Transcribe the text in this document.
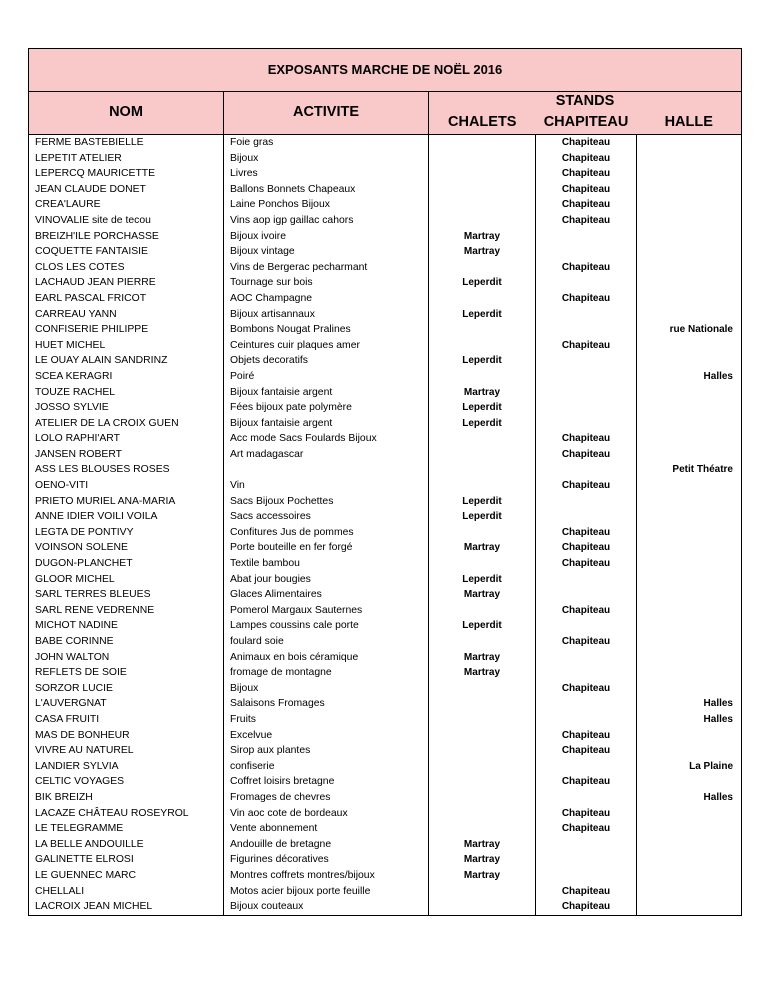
EXPOSANTS MARCHE DE NOËL 2016				
NOM	ACTIVITE	STANDS		
		CHALETS	CHAPITEAU	HALLE
FERME BASTEBIELLE	Foie gras		Chapiteau	
LEPETIT ATELIER	Bijoux		Chapiteau	
LEPERCQ MAURICETTE	Livres		Chapiteau	
JEAN CLAUDE DONET	Ballons Bonnets Chapeaux		Chapiteau	
CREA'LAURE	Laine Ponchos Bijoux		Chapiteau	
VINOVALIE site de tecou	Vins aop igp gaillac cahors		Chapiteau	
BREIZH'ILE PORCHASSE	Bijoux ivoire	Martray		
COQUETTE FANTAISIE	Bijoux vintage	Martray		
CLOS LES COTES	Vins de Bergerac pecharmant		Chapiteau	
LACHAUD JEAN PIERRE	Tournage sur bois	Leperdit		
EARL PASCAL FRICOT	AOC Champagne		Chapiteau	
CARREAU YANN	Bijoux artisannaux	Leperdit		
CONFISERIE PHILIPPE	Bombons Nougat Pralines			rue Nationale
HUET MICHEL	Ceintures cuir plaques amer		Chapiteau	
LE OUAY ALAIN SANDRINZ	Objets decoratifs	Leperdit		
SCEA KERAGRI	Poiré			Halles
TOUZE RACHEL	Bijoux fantaisie argent	Martray		
JOSSO SYLVIE	Fées bijoux pate polymère	Leperdit		
ATELIER DE LA CROIX GUEN	Bijoux fantaisie argent	Leperdit		
LOLO RAPHI'ART	Acc mode Sacs Foulards Bijoux		Chapiteau	
JANSEN ROBERT	Art madagascar		Chapiteau	
ASS LES BLOUSES ROSES				Petit Théatre
OENO-VITI	Vin		Chapiteau	
PRIETO MURIEL ANA-MARIA	Sacs Bijoux Pochettes	Leperdit		
ANNE IDIER VOILI VOILA	Sacs accessoires	Leperdit		
LEGTA DE PONTIVY	Confitures Jus de pommes		Chapiteau	
VOINSON SOLENE	Porte bouteille en fer forgé	Martray	Chapiteau	
DUGON-PLANCHET	Textile bambou		Chapiteau	
GLOOR MICHEL	Abat jour bougies	Leperdit		
SARL TERRES BLEUES	Glaces Alimentaires	Martray		
SARL RENE VEDRENNE	Pomerol Margaux Sauternes		Chapiteau	
MICHOT NADINE	Lampes coussins cale porte	Leperdit		
BABE CORINNE	foulard soie		Chapiteau	
JOHN WALTON	Animaux en bois céramique	Martray		
REFLETS DE SOIE	fromage de montagne	Martray		
SORZOR LUCIE	Bijoux		Chapiteau	
L'AUVERGNAT	Salaisons Fromages			Halles
CASA FRUITI	Fruits			Halles
MAS DE BONHEUR	Excelvue		Chapiteau	
VIVRE AU NATUREL	Sirop aux plantes		Chapiteau	
LANDIER SYLVIA	confiserie			La Plaine
CELTIC VOYAGES	Coffret loisirs bretagne		Chapiteau	
BIK BREIZH	Fromages de chevres			Halles
LACAZE CHÂTEAU ROSEYROL	Vin aoc cote de bordeaux		Chapiteau	
LE TELEGRAMME	Vente abonnement		Chapiteau	
LA BELLE ANDOUILLE	Andouille de bretagne	Martray		
GALINETTE ELROSI	Figurines décoratives	Martray		
LE GUENNEC MARC	Montres coffrets montres/bijoux	Martray		
CHELLALI	Motos acier bijoux porte feuille		Chapiteau	
LACROIX JEAN MICHEL	Bijoux couteaux		Chapiteau	
